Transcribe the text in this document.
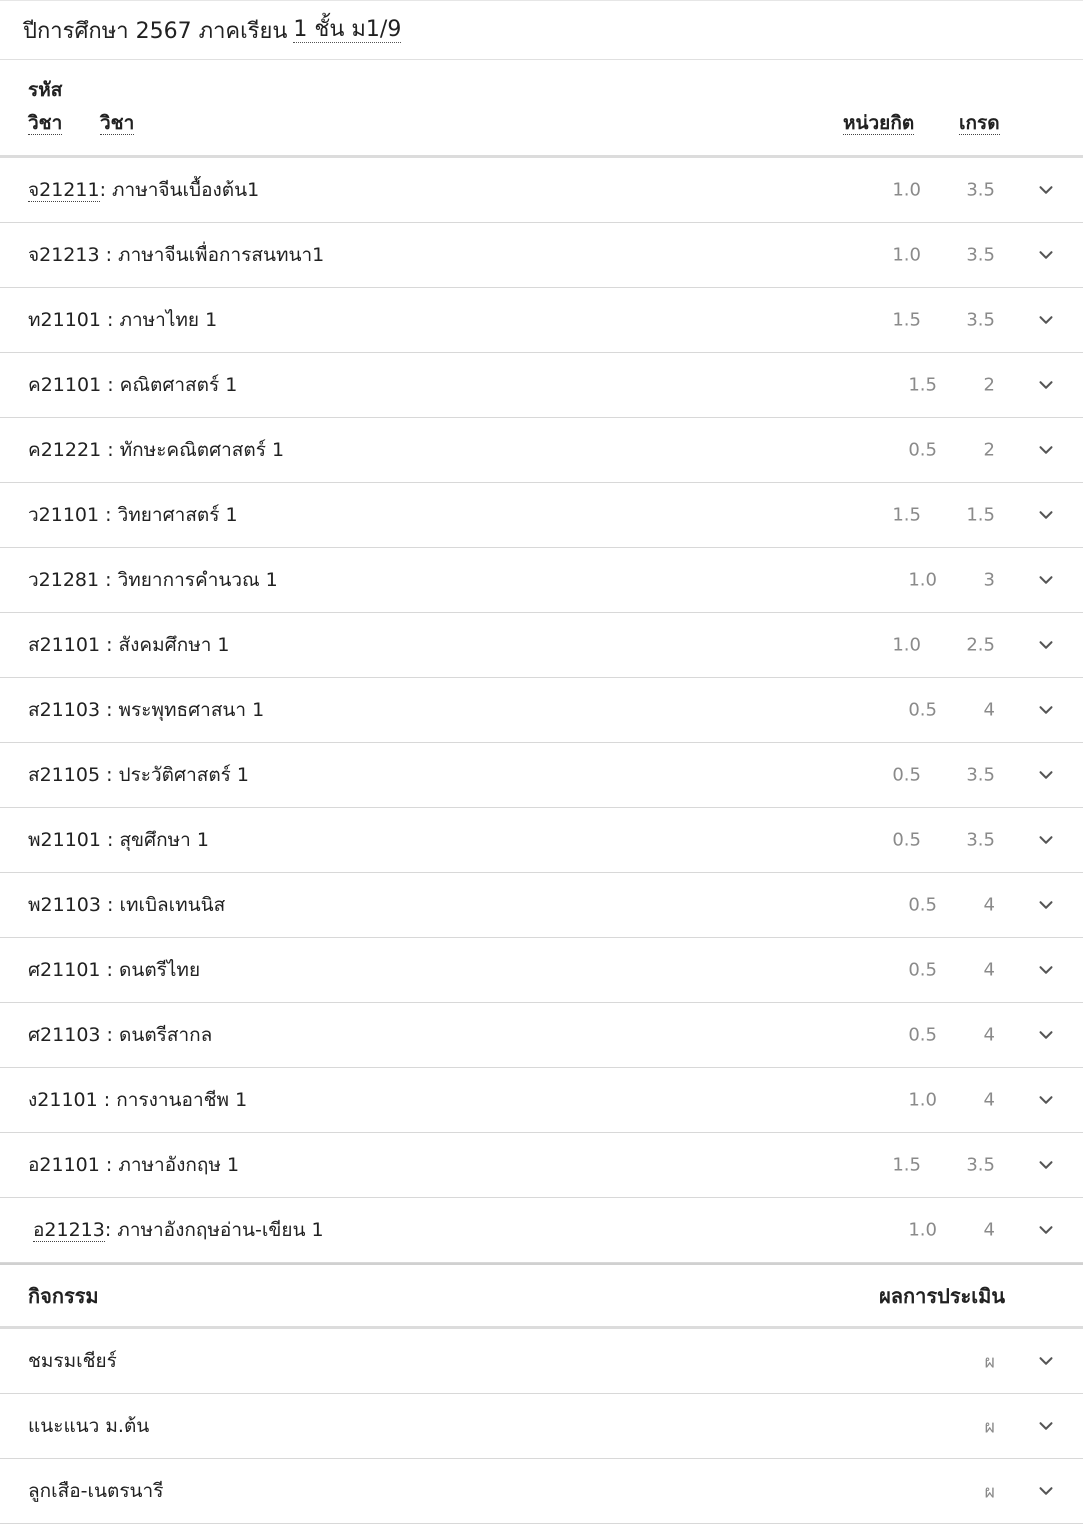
ปีการศึกษา 2567 ภาคเรียน 1 ชั้น ม1/9
รหัส
วิชา วิชา	หน่วยกิต เกรด
จ21211: ภาษาจีนเบื้องต้น1	1.0	3.5
จ21213 : ภาษาจีนเพื่อการสนทนา1	1.0	3.5
ท21101 : ภาษาไทย 1	1.5	3.5
ค21101 : คณิตศาสตร์ 1	1.5	2
ค21221 : ทักษะคณิตศาสตร์ 1	0.5	2
ว21101 : วิทยาศาสตร์ 1	1.5	1.5
ว21281 : วิทยาการคำนวณ 1	1.0	3
ส21101 : สังคมศึกษา 1	1.0	2.5
ส21103 : พระพุทธศาสนา 1	0.5	4
ส21105 : ประวัติศาสตร์ 1	0.5	3.5
พ21101 : สุขศึกษา 1	0.5	3.5
พ21103 : เทเบิลเทนนิส	0.5	4
ศ21101 : ดนตรีไทย	0.5	4
ศ21103 : ดนตรีสากล	0.5	4
ง21101 : การงานอาชีพ 1	1.0	4
อ21101 : ภาษาอังกฤษ 1	1.5	3.5
อ21213: ภาษาอังกฤษอ่าน-เขียน 1	1.0	4
กิจกรรม	ผลการประเมิน
ชมรมเชียร์	ผ
แนะแนว ม.ต้น	ผ
ลูกเสือ-เนตรนารี	ผ
